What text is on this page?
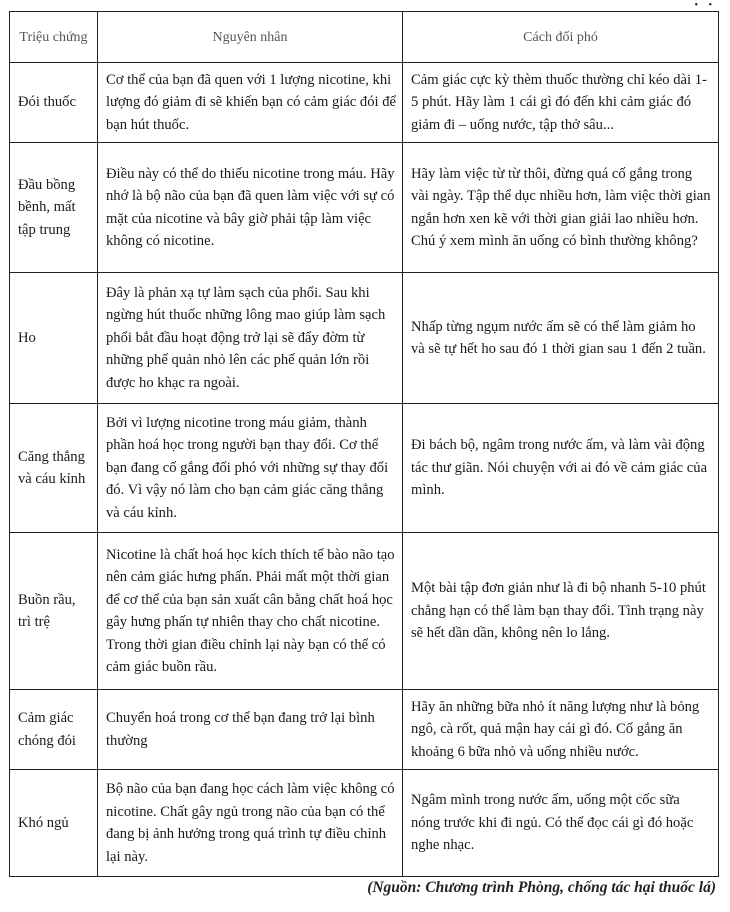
• •
Triệu chứng	Nguyên nhân	Cách đối phó
Đói thuốc	Cơ thể của bạn đã quen với 1 lượng nicotine, khi lượng đó giảm đi sẽ khiến bạn có cảm giác đói để bạn hút thuốc.	Cảm giác cực kỳ thèm thuốc thường chỉ kéo dài 1-5 phút. Hãy làm 1 cái gì đó đến khi cảm giác đó giảm đi – uống nước, tập thở sâu...
Đầu bồng bềnh, mất tập trung	Điều này có thể do thiếu nicotine trong máu. Hãy nhớ là bộ não của bạn đã quen làm việc với sự có mặt của nicotine và bây giờ phải tập làm việc không có nicotine.	Hãy làm việc từ từ thôi, đừng quá cố gắng trong vài ngày. Tập thể dục nhiều hơn, làm việc thời gian ngắn hơn xen kẽ với thời gian giải lao nhiều hơn. Chú ý xem mình ăn uống có bình thường không?
Ho	Đây là phản xạ tự làm sạch của phổi. Sau khi ngừng hút thuốc những lông mao giúp làm sạch phổi bắt đầu hoạt động trở lại sẽ đẩy đờm từ những phế quản nhỏ lên các phế quản lớn rồi được ho khạc ra ngoài.	Nhấp từng ngụm nước ấm sẽ có thể làm giảm ho và sẽ tự hết ho sau đó 1 thời gian sau 1 đến 2 tuần.
Căng thẳng và cáu kỉnh	Bởi vì lượng nicotine trong máu giảm, thành phần hoá học trong người bạn thay đổi. Cơ thể bạn đang cố gắng đối phó với những sự thay đổi đó. Vì vậy nó làm cho bạn cảm giác căng thẳng và cáu kỉnh.	Đi bách bộ, ngâm trong nước ấm, và làm vài động tác thư giãn. Nói chuyện với ai đó về cảm giác của mình.
Buồn rầu, trì trệ	Nicotine là chất hoá học kích thích tế bào não tạo nên cảm giác hưng phấn. Phải mất một thời gian để cơ thể của bạn sản xuất cân bằng chất hoá học gây hưng phấn tự nhiên thay cho chất nicotine. Trong thời gian điều chỉnh lại này bạn có thể có cảm giác buồn rầu.	Một bài tập đơn giản như là đi bộ nhanh 5-10 phút chẳng hạn có thể làm bạn thay đổi. Tình trạng này sẽ hết dần dần, không nên lo lắng.
Cảm giác chóng đói	Chuyển hoá trong cơ thể bạn đang trở lại bình thường	Hãy ăn những bữa nhỏ ít năng lượng như là bỏng ngô, cà rốt, quả mận hay cái gì đó. Cố gắng ăn khoảng 6 bữa nhỏ và uống nhiều nước.
Khó ngủ	Bộ não của bạn đang học cách làm việc không có nicotine. Chất gây ngủ trong não của bạn có thể đang bị ảnh hưởng trong quá trình tự điều chỉnh lại này.	Ngâm mình trong nước ấm, uống một cốc sữa nóng trước khi đi ngủ. Có thể đọc cái gì đó hoặc nghe nhạc.
(Nguồn: Chương trình Phòng, chống tác hại thuốc lá)
